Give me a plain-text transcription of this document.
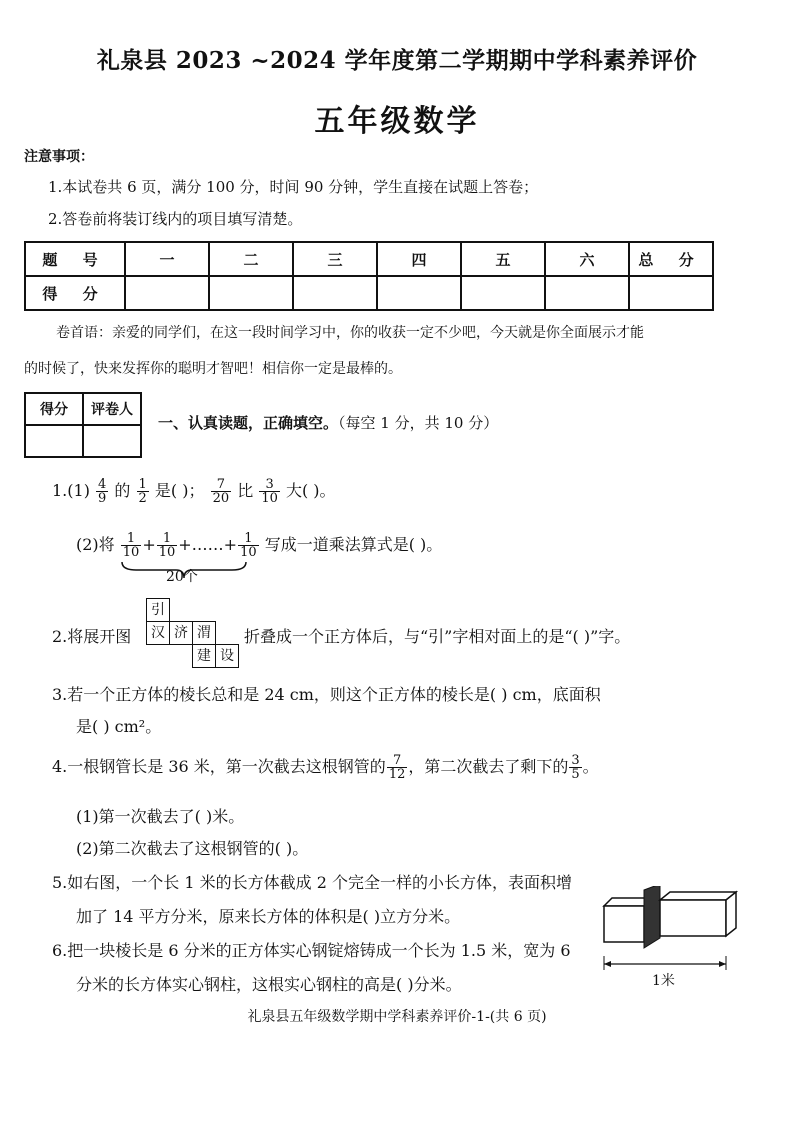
礼泉县 2023 ~2024 学年度第二学期期中学科素养评价
五年级数学
注意事项：
1.本试卷共 6 页，满分 100 分，时间 90 分钟，学生直接在试题上答卷；
2.答卷前将装订线内的项目填写清楚。
题 号	一	二	三	四	五	六	总 分
得 分							
卷首语：亲爱的同学们，在这一段时间学习中，你的收获一定不少吧，今天就是你全面展示才能
的时候了，快来发挥你的聪明才智吧！相信你一定是最棒的。
得分	评卷人

一、认真读题，正确填空。（每空 1 分，共 10 分）
$1.(1) \frac{4}{9}$ 的 $\frac{1}{2}$ 是( )； $\frac{7}{20}$ 比 $\frac{3}{10}$ 大( )。
(2)将 $\frac{1}{10} + \frac{1}{10}$ +……+ $\frac{1}{10}$ 写成一道乘法算式是( )。
20个
2.将展开图
引
汉 济 渭
建 设
折叠成一个正方体后，与“引”字相对面上的是“( )”字。
3.若一个正方体的棱长总和是 24 cm，则这个正方体的棱长是( ) cm，底面积
是( ) cm²。
4.一根钢管长是 36 米，第一次截去这根钢管的 $\frac{7}{12}$ ，第二次截去了剩下的 $\frac{3}{5}$ 。
(1)第一次截去了( )米。
(2)第二次截去了这根钢管的( )。
5.如右图，一个长 1 米的长方体截成 2 个完全一样的小长方体，表面积增
加了 14 平方分米，原来长方体的体积是( )立方分米。
6.把一块棱长是 6 分米的正方体实心钢锭熔铸成一个长为 1.5 米，宽为 6
分米的长方体实心钢柱，这根实心钢柱的高是( )分米。	1米
礼泉县五年级数学期中学科素养评价-1-(共 6 页)
